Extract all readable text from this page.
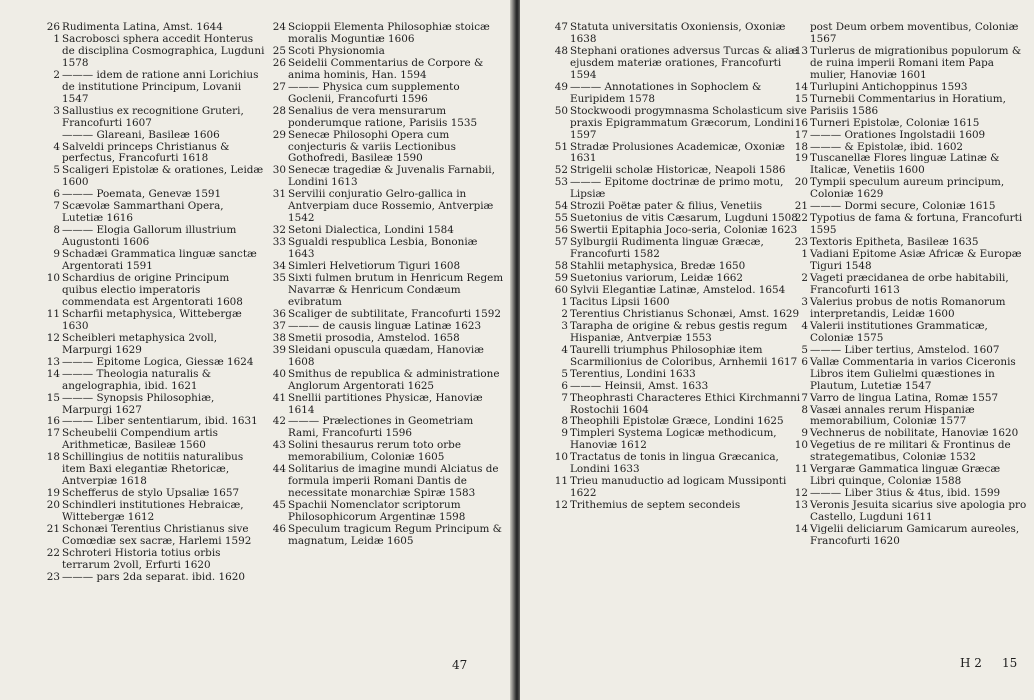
26 Rudimenta Latina, Amst. 1644
1 Sacrobosci sphera accedit Honterus de disciplina Cosmographica, Lugduni 1578
2 ——— idem de ratione anni Lorichius de institutione Principum, Lovanii 1547
3 Sallustius ex recognitione Gruteri, Francofurti 1607
——— Glareani, Basileæ 1606
4 Salveldi princeps Christianus & perfectus, Francofurti 1618
5 Scaligeri Epistolæ & orationes, Leidæ 1600
6 ——— Poemata, Genevæ 1591
7 Scævolæ Sammarthani Opera, Lutetiæ 1616
8 ——— Elogia Gallorum illustrium Augustonti 1606
9 Schadæi Grammatica linguæ sanctæ Argentorati 1591
10 Schardius de origine Principum quibus electio imperatoris commendata est Argentorati 1608
11 Scharfii metaphysica, Wittebergæ 1630
12 Scheibleri metaphysica 2voll, Marpurgi 1629
13 ——— Epitome Logica, Giessæ 1624
14 ——— Theologia naturalis & angelographia, ibid. 1621
15 ——— Synopsis Philosophiæ, Marpurgi 1627
16 ——— Liber sententiarum, ibid. 1631
17 Scheubelii Compendium artis Arithmeticæ, Basileæ 1560
18 Schillingius de notitiis naturalibus item Baxi elegantiæ Rhetoricæ, Antverpiæ 1618
19 Schefferus de stylo Upsaliæ 1657
20 Schindleri institutiones Hebraicæ, Wittebergæ 1612
21 Schonæi Terentius Christianus sive Comœdiæ sex sacræ, Harlemi 1592
22 Schroteri Historia totius orbis terrarum 2voll, Erfurti 1620
23 ——— pars 2da separat. ibid. 1620
24 Scioppii Elementa Philosophiæ stoicæ moralis Moguntiæ 1606
25 Scoti Physionomia
26 Seidelii Commentarius de Corpore & anima hominis, Han. 1594
27 ——— Physica cum supplemento Goclenii, Francofurti 1596
28 Senalius de vera mensurarum ponderumque ratione, Parisiis 1535
29 Senecæ Philosophi Opera cum conjecturis & variis Lectionibus Gothofredi, Basileæ 1590
30 Senecæ tragediæ & Juvenalis Farnabii, Londini 1613
31 Servilii conjuratio Gelro-gallica in Antverpiam duce Rossemio, Antverpiæ 1542
32 Setoni Dialectica, Londini 1584
33 Sgualdi respublica Lesbia, Bononiæ 1643
34 Simleri Helvetiorum Tiguri 1608
35 Sixti fulmen brutum in Henricum Regem Navarræ & Henricum Condæum evibratum
36 Scaliger de subtilitate, Francofurti 1592
37 ——— de causis linguæ Latinæ 1623
38 Smetii prosodia, Amstelod. 1658
39 Sleidani opuscula quædam, Hanoviæ 1608
40 Smithus de republica & administratione Anglorum Argentorati 1625
41 Snellii partitiones Physicæ, Hanoviæ 1614
42 ——— Prælectiones in Geometriam Rami, Francofurti 1596
43 Solini thesaurus rerum toto orbe memorabilium, Coloniæ 1605
44 Solitarius de imagine mundi Alciatus de formula imperii Romani Dantis de necessitate monarchiæ Spiræ 1583
45 Spachii Nomenclator scriptorum Philosophicorum Argentinæ 1598
46 Speculum tragicum Regum Principum & magnatum, Leidæ 1605
47
47 Statuta universitatis Oxoniensis, Oxoniæ 1638
48 Stephani orationes adversus Turcas & aliæ ejusdem materiæ orationes, Francofurti 1594
49 ——— Annotationes in Sophoclem & Euripidem 1578
50 Stockwoodi progymnasma Scholasticum sive praxis Epigrammatum Græcorum, Londini 1597
51 Stradæ Prolusiones Academicæ, Oxoniæ 1631
52 Strigelii scholæ Historicæ, Neapoli 1586
53 ——— Epitome doctrinæ de primo motu, Lipsiæ
54 Strozii Poëtæ pater & filius, Venetiis
55 Suetonius de vitis Cæsarum, Lugduni 1508
56 Swertii Epitaphia Joco-seria, Coloniæ 1623
57 Sylburgii Rudimenta linguæ Græcæ, Francofurti 1582
58 Stahlii metaphysica, Bredæ 1650
59 Suetonius variorum, Leidæ 1662
60 Sylvii Elegantiæ Latinæ, Amstelod. 1654
1 Tacitus Lipsii 1600
2 Terentius Christianus Schonæi, Amst. 1629
3 Tarapha de origine & rebus gestis regum Hispaniæ, Antverpiæ 1553
4 Taurelli triumphus Philosophiæ item Scarmilionius de Coloribus, Arnhemii 1617
5 Terentius, Londini 1633
6 ——— Heinsii, Amst. 1633
7 Theophrasti Characteres Ethici Kirchmanni Rostochii 1604
8 Theophili Epistolæ Græce, Londini 1625
9 Timpleri Systema Logicæ methodicum, Hanoviæ 1612
10 Tractatus de tonis in lingua Græcanica, Londini 1633
11 Trieu manuductio ad logicam Mussiponti 1622
12 Trithemius de septem secondeis
post Deum orbem moventibus, Coloniæ 1567
13 Turlerus de migrationibus populorum & de ruina imperii Romani item Papa mulier, Hanoviæ 1601
14 Turlupini Antichoppinus 1593
15 Turnebii Commentarius in Horatium, Parisiis 1586
16 Turneri Epistolæ, Coloniæ 1615
17 ——— Orationes Ingolstadii 1609
18 ——— & Epistolæ, ibid. 1602
19 Tuscanellæ Flores linguæ Latinæ & Italicæ, Venetiis 1600
20 Tympii speculum aureum principum, Coloniæ 1629
21 ——— Dormi secure, Coloniæ 1615
22 Typotius de fama & fortuna, Francofurti 1595
23 Textoris Epitheta, Basileæ 1635
1 Vadiani Epitome Asiæ Africæ & Europæ Tiguri 1548
2 Vageti præcidanea de orbe habitabili, Francofurti 1613
3 Valerius probus de notis Romanorum interpretandis, Leidæ 1600
4 Valerii institutiones Grammaticæ, Coloniæ 1575
5 ——— Liber tertius, Amstelod. 1607
6 Vallæ Commentaria in varios Ciceronis Libros item Gulielmi quæstiones in Plautum, Lutetiæ 1547
7 Varro de lingua Latina, Romæ 1557
8 Vasæi annales rerum Hispaniæ memorabilium, Coloniæ 1577
9 Vechnerus de nobilitate, Hanoviæ 1620
10 Vegetius de re militari & Frontinus de strategematibus, Coloniæ 1532
11 Vergaræ Gammatica linguæ Græcæ Libri quinque, Coloniæ 1588
12 ——— Liber 3tius & 4tus, ibid. 1599
13 Veronis Jesuita sicarius sive apologia pro Castello, Lugduni 1611
14 Vigelii deliciarum Gamicarum aureoles, Francofurti 1620
H 2 15
